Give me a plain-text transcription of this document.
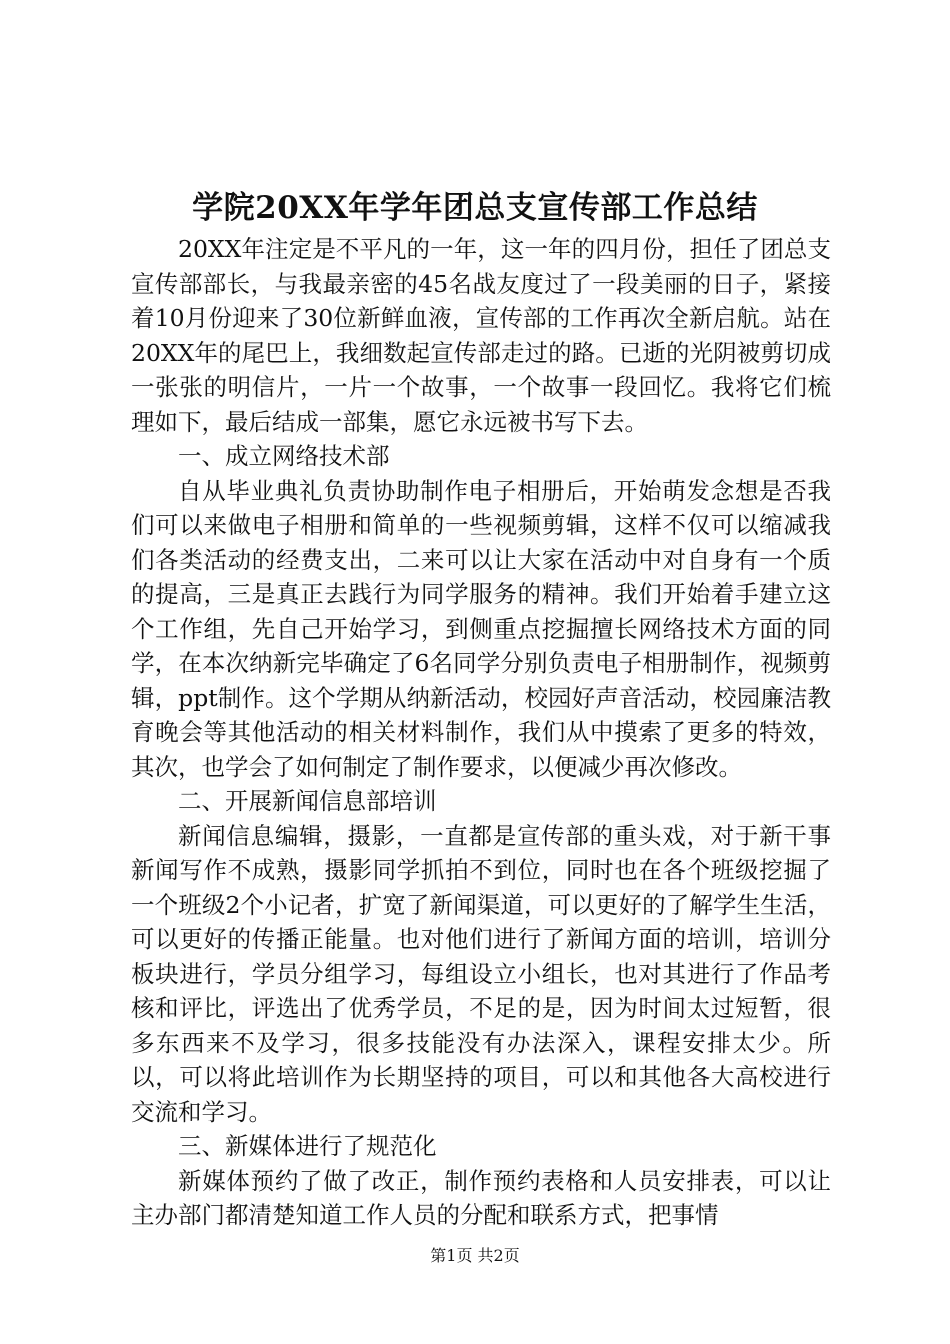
学院20XX年学年团总支宣传部工作总结

20XX年注定是不平凡的一年，这一年的四月份，担任了团总支宣传部部长，与我最亲密的45名战友度过了一段美丽的日子，紧接着10月份迎来了30位新鲜血液，宣传部的工作再次全新启航。站在20XX年的尾巴上，我细数起宣传部走过的路。已逝的光阴被剪切成一张张的明信片，一片一个故事，一个故事一段回忆。我将它们梳理如下，最后结成一部集，愿它永远被书写下去。

一、成立网络技术部

自从毕业典礼负责协助制作电子相册后，开始萌发念想是否我们可以来做电子相册和简单的一些视频剪辑，这样不仅可以缩减我们各类活动的经费支出，二来可以让大家在活动中对自身有一个质的提高，三是真正去践行为同学服务的精神。我们开始着手建立这个工作组，先自己开始学习，到侧重点挖掘擅长网络技术方面的同学，在本次纳新完毕确定了6名同学分别负责电子相册制作，视频剪辑，ppt制作。这个学期从纳新活动，校园好声音活动，校园廉洁教育晚会等其他活动的相关材料制作，我们从中摸索了更多的特效，其次，也学会了如何制定了制作要求，以便减少再次修改。

二、开展新闻信息部培训

新闻信息编辑，摄影，一直都是宣传部的重头戏，对于新干事新闻写作不成熟，摄影同学抓拍不到位，同时也在各个班级挖掘了一个班级2个小记者，扩宽了新闻渠道，可以更好的了解学生生活，可以更好的传播正能量。也对他们进行了新闻方面的培训，培训分板块进行，学员分组学习，每组设立小组长，也对其进行了作品考核和评比，评选出了优秀学员，不足的是，因为时间太过短暂，很多东西来不及学习，很多技能没有办法深入，课程安排太少。所以，可以将此培训作为长期坚持的项目，可以和其他各大高校进行交流和学习。

三、新媒体进行了规范化

新媒体预约了做了改正，制作预约表格和人员安排表，可以让主办部门都清楚知道工作人员的分配和联系方式，把事情

第1页 共2页
